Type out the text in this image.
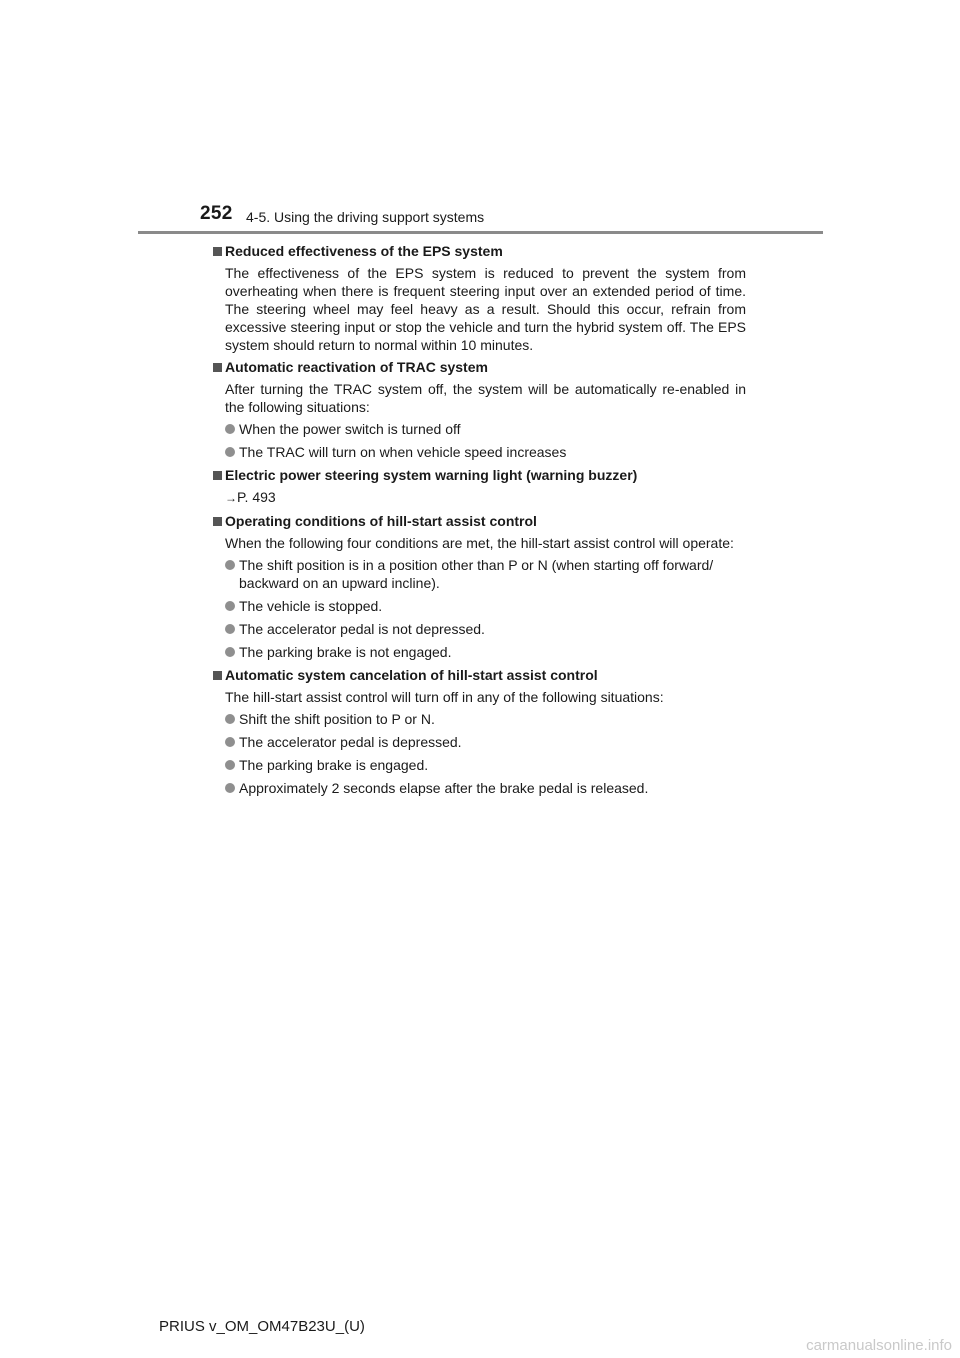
252 4-5. Using the driving support systems
Reduced effectiveness of the EPS system

The effectiveness of the EPS system is reduced to prevent the system from overheating when there is frequent steering input over an extended period of time. The steering wheel may feel heavy as a result. Should this occur, refrain from excessive steering input or stop the vehicle and turn the hybrid system off. The EPS system should return to normal within 10 minutes.

Automatic reactivation of TRAC system

After turning the TRAC system off, the system will be automatically re-enabled in the following situations:

When the power switch is turned off
The TRAC will turn on when vehicle speed increases
Electric power steering system warning light (warning buzzer)
→P. 493
Operating conditions of hill-start assist control

When the following four conditions are met, the hill-start assist control will operate:

The shift position is in a position other than P or N (when starting off forward/ backward on an upward incline).
The vehicle is stopped.
The accelerator pedal is not depressed.
The parking brake is not engaged.
Automatic system cancelation of hill-start assist control

The hill-start assist control will turn off in any of the following situations:

Shift the shift position to P or N.
The accelerator pedal is depressed.
The parking brake is engaged.
Approximately 2 seconds elapse after the brake pedal is released.
PRIUS v_OM_OM47B23U_(U)
carmanualsonline.info
